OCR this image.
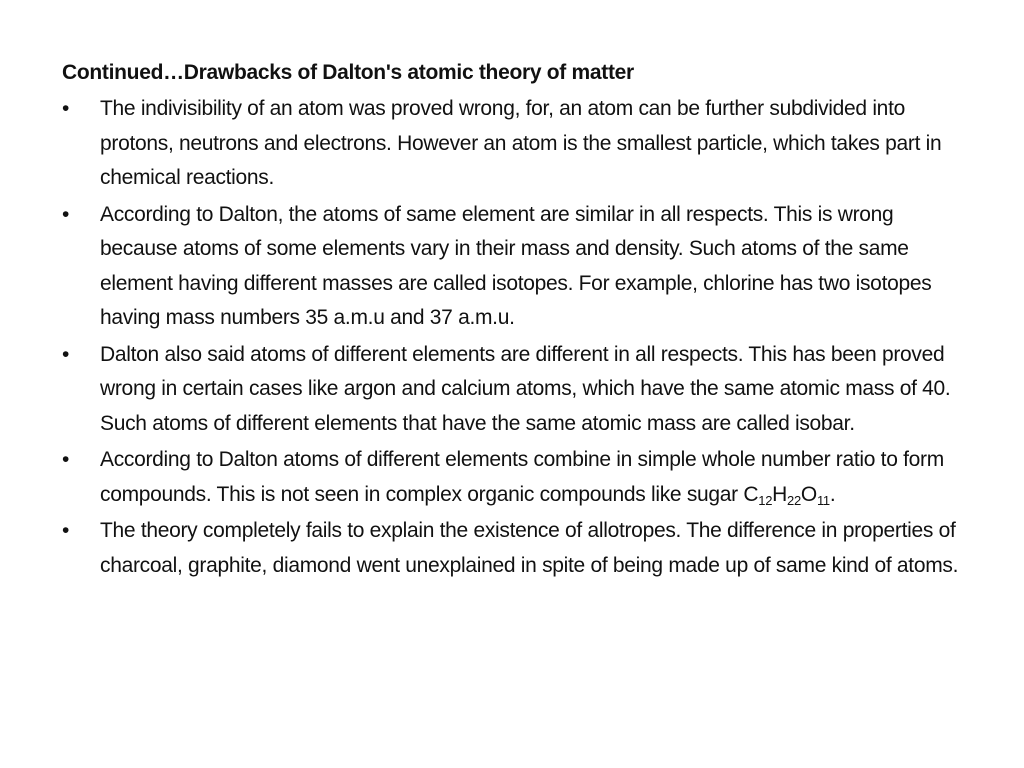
Continued…Drawbacks of Dalton's atomic theory of matter
•	The indivisibility of an atom was proved wrong, for, an atom can be further subdivided into protons, neutrons and electrons. However an atom is the smallest particle, which takes part in chemical reactions.
•	According to Dalton, the atoms of same element are similar in all respects. This is wrong because atoms of some elements vary in their mass and density. Such atoms of the same element having different masses are called isotopes. For example, chlorine has two isotopes having mass numbers 35 a.m.u and 37 a.m.u.
•	Dalton also said atoms of different elements are different in all respects. This has been proved wrong in certain cases like argon and calcium atoms, which have the same atomic mass of 40. Such atoms of different elements that have the same atomic mass are called isobar.
•	According to Dalton atoms of different elements combine in simple whole number ratio to form compounds. This is not seen in complex organic compounds like sugar $C_{12}H_{22}O_{11}$.
•	The theory completely fails to explain the existence of allotropes. The difference in properties of charcoal, graphite, diamond went unexplained in spite of being made up of same kind of atoms.
